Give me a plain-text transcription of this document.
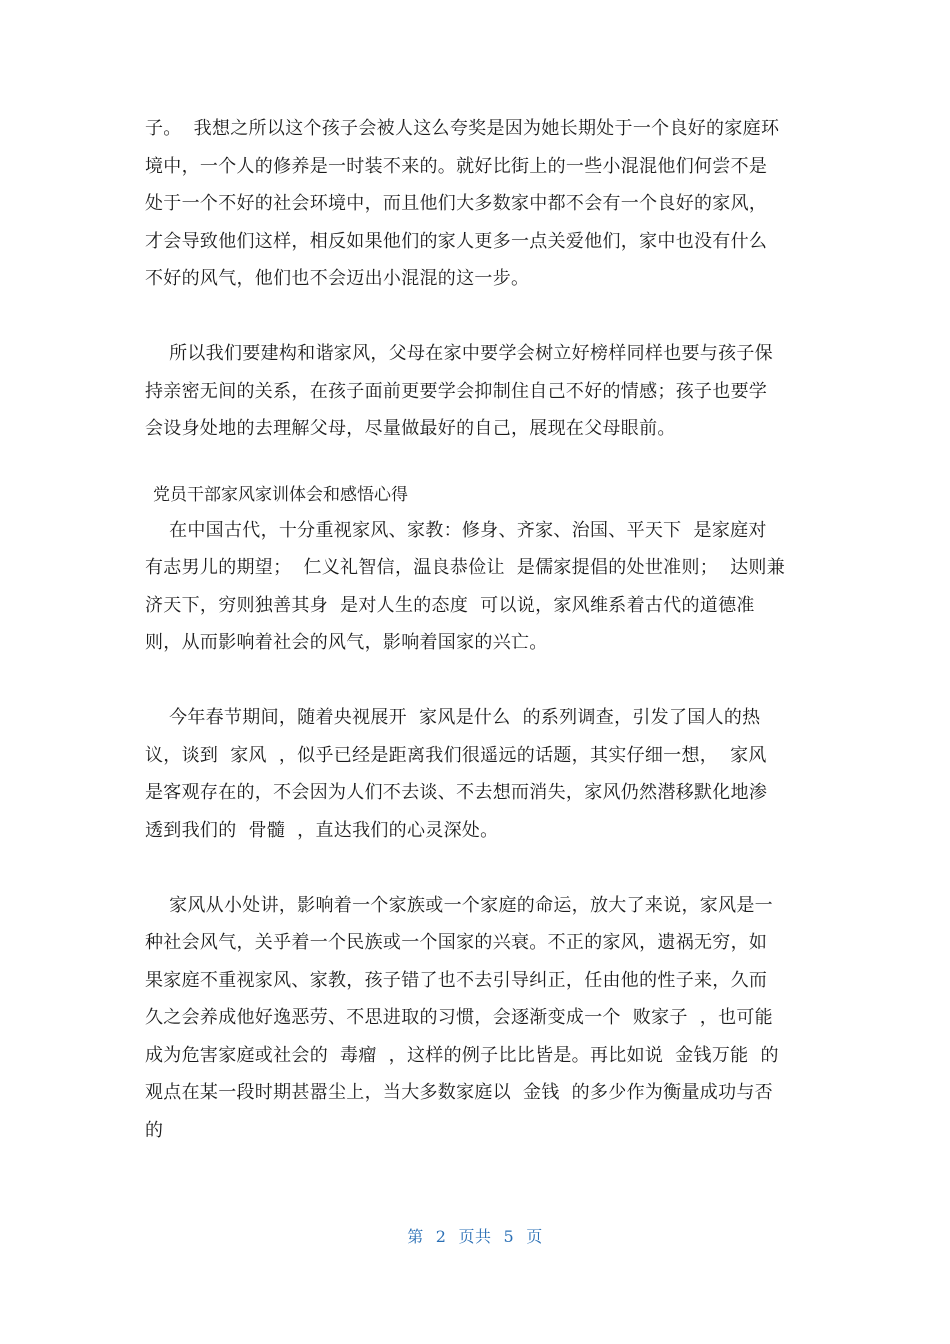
子。  我想之所以这个孩子会被人这么夸奖是因为她长期处于一个良好的家庭环
境中，一个人的修养是一时装不来的。就好比街上的一些小混混他们何尝不是
处于一个不好的社会环境中，而且他们大多数家中都不会有一个良好的家风，
才会导致他们这样，相反如果他们的家人更多一点关爱他们，家中也没有什么
不好的风气，他们也不会迈出小混混的这一步。

所以我们要建构和谐家风，父母在家中要学会树立好榜样同样也要与孩子保
持亲密无间的关系，在孩子面前更要学会抑制住自己不好的情感；孩子也要学
会设身处地的去理解父母，尽量做最好的自己，展现在父母眼前。

党员干部家风家训体会和感悟心得

在中国古代，十分重视家风、家教：修身、齐家、治国、平天下  是家庭对
有志男儿的期望；  仁义礼智信，温良恭俭让  是儒家提倡的处世准则；  达则兼
济天下，穷则独善其身  是对人生的态度  可以说，家风维系着古代的道德准
则，从而影响着社会的风气，影响着国家的兴亡。

今年春节期间，随着央视展开  家风是什么  的系列调查，引发了国人的热
议，谈到  家风  ，似乎已经是距离我们很遥远的话题，其实仔细一想，  家风
是客观存在的，不会因为人们不去谈、不去想而消失，家风仍然潜移默化地渗
透到我们的  骨髓  ，直达我们的心灵深处。

家风从小处讲，影响着一个家族或一个家庭的命运，放大了来说，家风是一
种社会风气，关乎着一个民族或一个国家的兴衰。不正的家风，遗祸无穷，如
果家庭不重视家风、家教，孩子错了也不去引导纠正，任由他的性子来，久而
久之会养成他好逸恶劳、不思进取的习惯，会逐渐变成一个  败家子  ，也可能
成为危害家庭或社会的  毒瘤  ，这样的例子比比皆是。再比如说  金钱万能  的
观点在某一段时期甚嚣尘上，当大多数家庭以  金钱  的多少作为衡量成功与否
的

第 2 页共 5 页
